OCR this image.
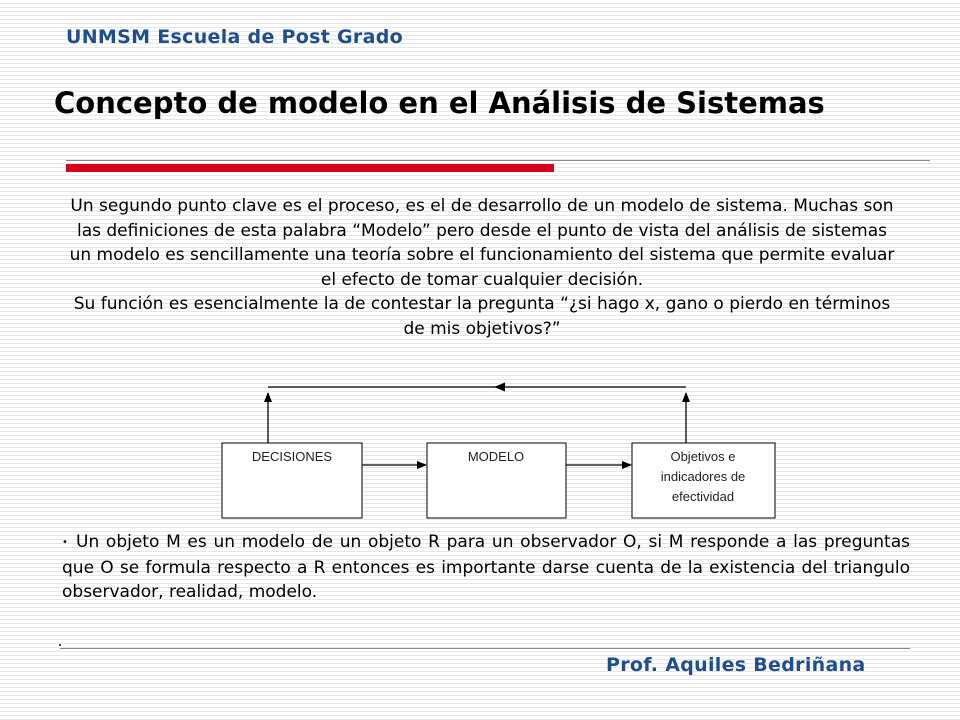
UNMSM Escuela de Post Grado
Concepto de modelo en el Análisis de Sistemas

Un segundo punto clave es el proceso, es el de desarrollo de un modelo de sistema. Muchas son las definiciones de esta palabra “Modelo” pero desde el punto de vista del análisis de sistemas un modelo es sencillamente una teoría sobre el funcionamiento del sistema que permite evaluar el efecto de tomar cualquier decisión.

Su función es esencialmente la de contestar la pregunta “¿si hago x, gano o pierdo en términos de mis objetivos?”

DECISIONES	MODELO	Objetivos e
indicadores de
efectividad
• Un objeto M es un modelo de un objeto R para un observador O, si M responde a las preguntas que O se formula respecto a R entonces es importante darse cuenta de la existencia del triangulo observador, realidad, modelo.
Prof. Aquiles Bedriñana
